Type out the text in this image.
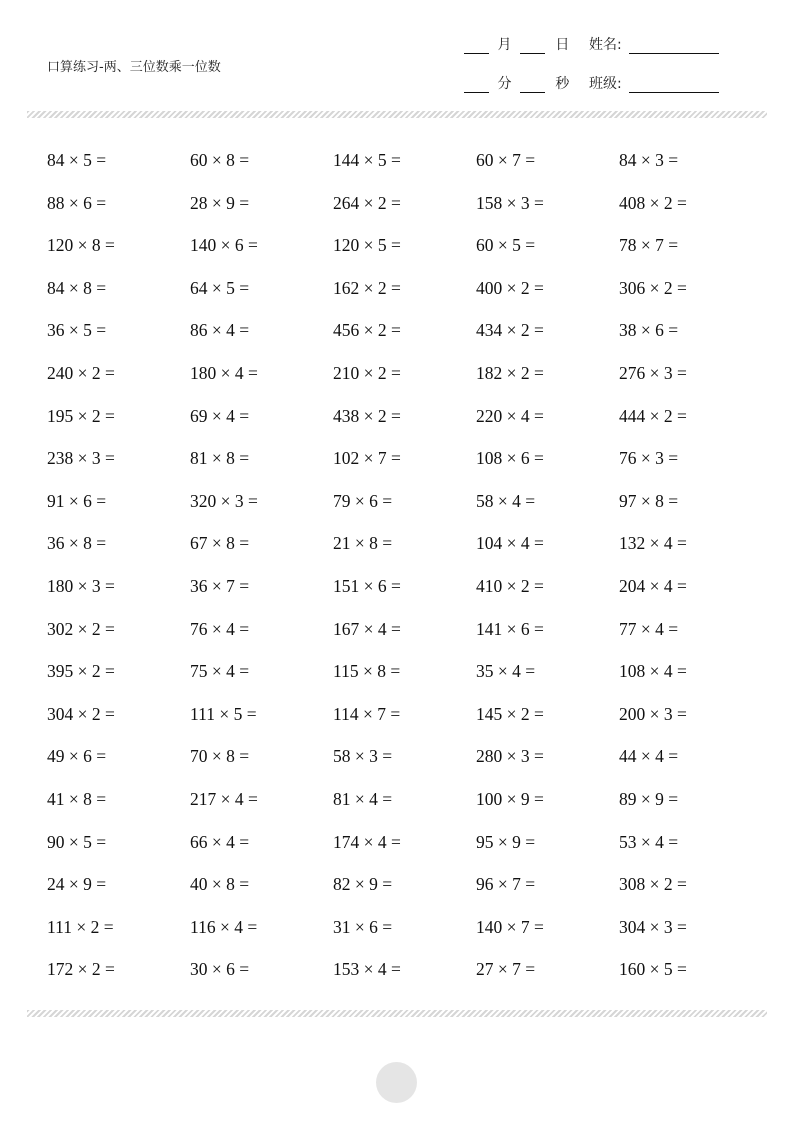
口算练习-两、三位数乘一位数
月	日 姓名:
分	秒 班级:
84 × 5 =	60 × 8 =	144 × 5 =	60 × 7 =	84 × 3 =
88 × 6 =	28 × 9 =	264 × 2 =	158 × 3 =	408 × 2 =
120 × 8 =	140 × 6 =	120 × 5 =	60 × 5 =	78 × 7 =
84 × 8 =	64 × 5 =	162 × 2 =	400 × 2 =	306 × 2 =
36 × 5 =	86 × 4 =	456 × 2 =	434 × 2 =	38 × 6 =
240 × 2 =	180 × 4 =	210 × 2 =	182 × 2 =	276 × 3 =
195 × 2 =	69 × 4 =	438 × 2 =	220 × 4 =	444 × 2 =
238 × 3 =	81 × 8 =	102 × 7 =	108 × 6 =	76 × 3 =
91 × 6 =	320 × 3 =	79 × 6 =	58 × 4 =	97 × 8 =
36 × 8 =	67 × 8 =	21 × 8 =	104 × 4 =	132 × 4 =
180 × 3 =	36 × 7 =	151 × 6 =	410 × 2 =	204 × 4 =
302 × 2 =	76 × 4 =	167 × 4 =	141 × 6 =	77 × 4 =
395 × 2 =	75 × 4 =	115 × 8 =	35 × 4 =	108 × 4 =
304 × 2 =	111 × 5 =	114 × 7 =	145 × 2 =	200 × 3 =
49 × 6 =	70 × 8 =	58 × 3 =	280 × 3 =	44 × 4 =
41 × 8 =	217 × 4 =	81 × 4 =	100 × 9 =	89 × 9 =
90 × 5 =	66 × 4 =	174 × 4 =	95 × 9 =	53 × 4 =
24 × 9 =	40 × 8 =	82 × 9 =	96 × 7 =	308 × 2 =
111 × 2 =	116 × 4 =	31 × 6 =	140 × 7 =	304 × 3 =
172 × 2 =	30 × 6 =	153 × 4 =	27 × 7 =	160 × 5 =
